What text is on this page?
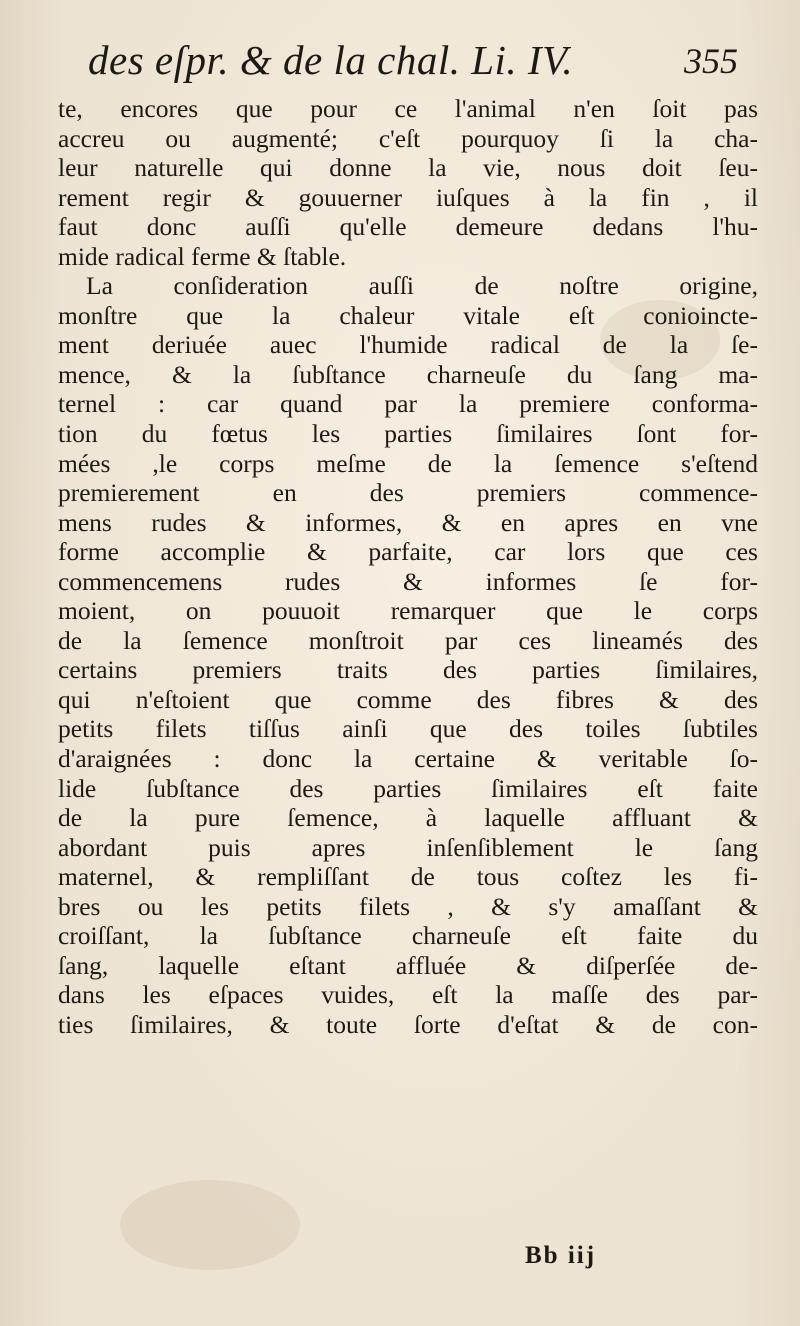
des eſpr. & de la chal. Li. IV.	355
te, encores que pour ce l'animal n'en ſoit pas
accreu ou augmenté; c'eſt pourquoy ſi la cha-
leur naturelle qui donne la vie, nous doit ſeu-
rement regir & gouuerner iuſques à la fin , il
faut donc auſſi qu'elle demeure dedans l'hu-
mide radical ferme & ſtable.
La conſideration auſſi de noſtre origine,
monſtre que la chaleur vitale eſt conioincte-
ment deriuée auec l'humide radical de la ſe-
mence, & la ſubſtance charneuſe du ſang ma-
ternel : car quand par la premiere conforma-
tion du fœtus les parties ſimilaires ſont for-
mées ,le corps meſme de la ſemence s'eſtend
premierement en des premiers commence-
mens rudes & informes, & en apres en vne
forme accomplie & parfaite, car lors que ces
commencemens rudes & informes ſe for-
moient, on pouuoit remarquer que le corps
de la ſemence monſtroit par ces lineamés des
certains premiers traits des parties ſimilaires,
qui n'eſtoient que comme des fibres & des
petits filets tiſſus ainſi que des toiles ſubtiles
d'araignées : donc la certaine & veritable ſo-
lide ſubſtance des parties ſimilaires eſt faite
de la pure ſemence, à laquelle affluant &
abordant puis apres inſenſiblement le ſang
maternel, & rempliſſant de tous coſtez les fi-
bres ou les petits filets , & s'y amaſſant &
croiſſant, la ſubſtance charneuſe eſt faite du
ſang, laquelle eſtant affluée & diſperſée de-
dans les eſpaces vuides, eſt la maſſe des par-
ties ſimilaires, & toute ſorte d'eſtat & de con-
Bb iij
